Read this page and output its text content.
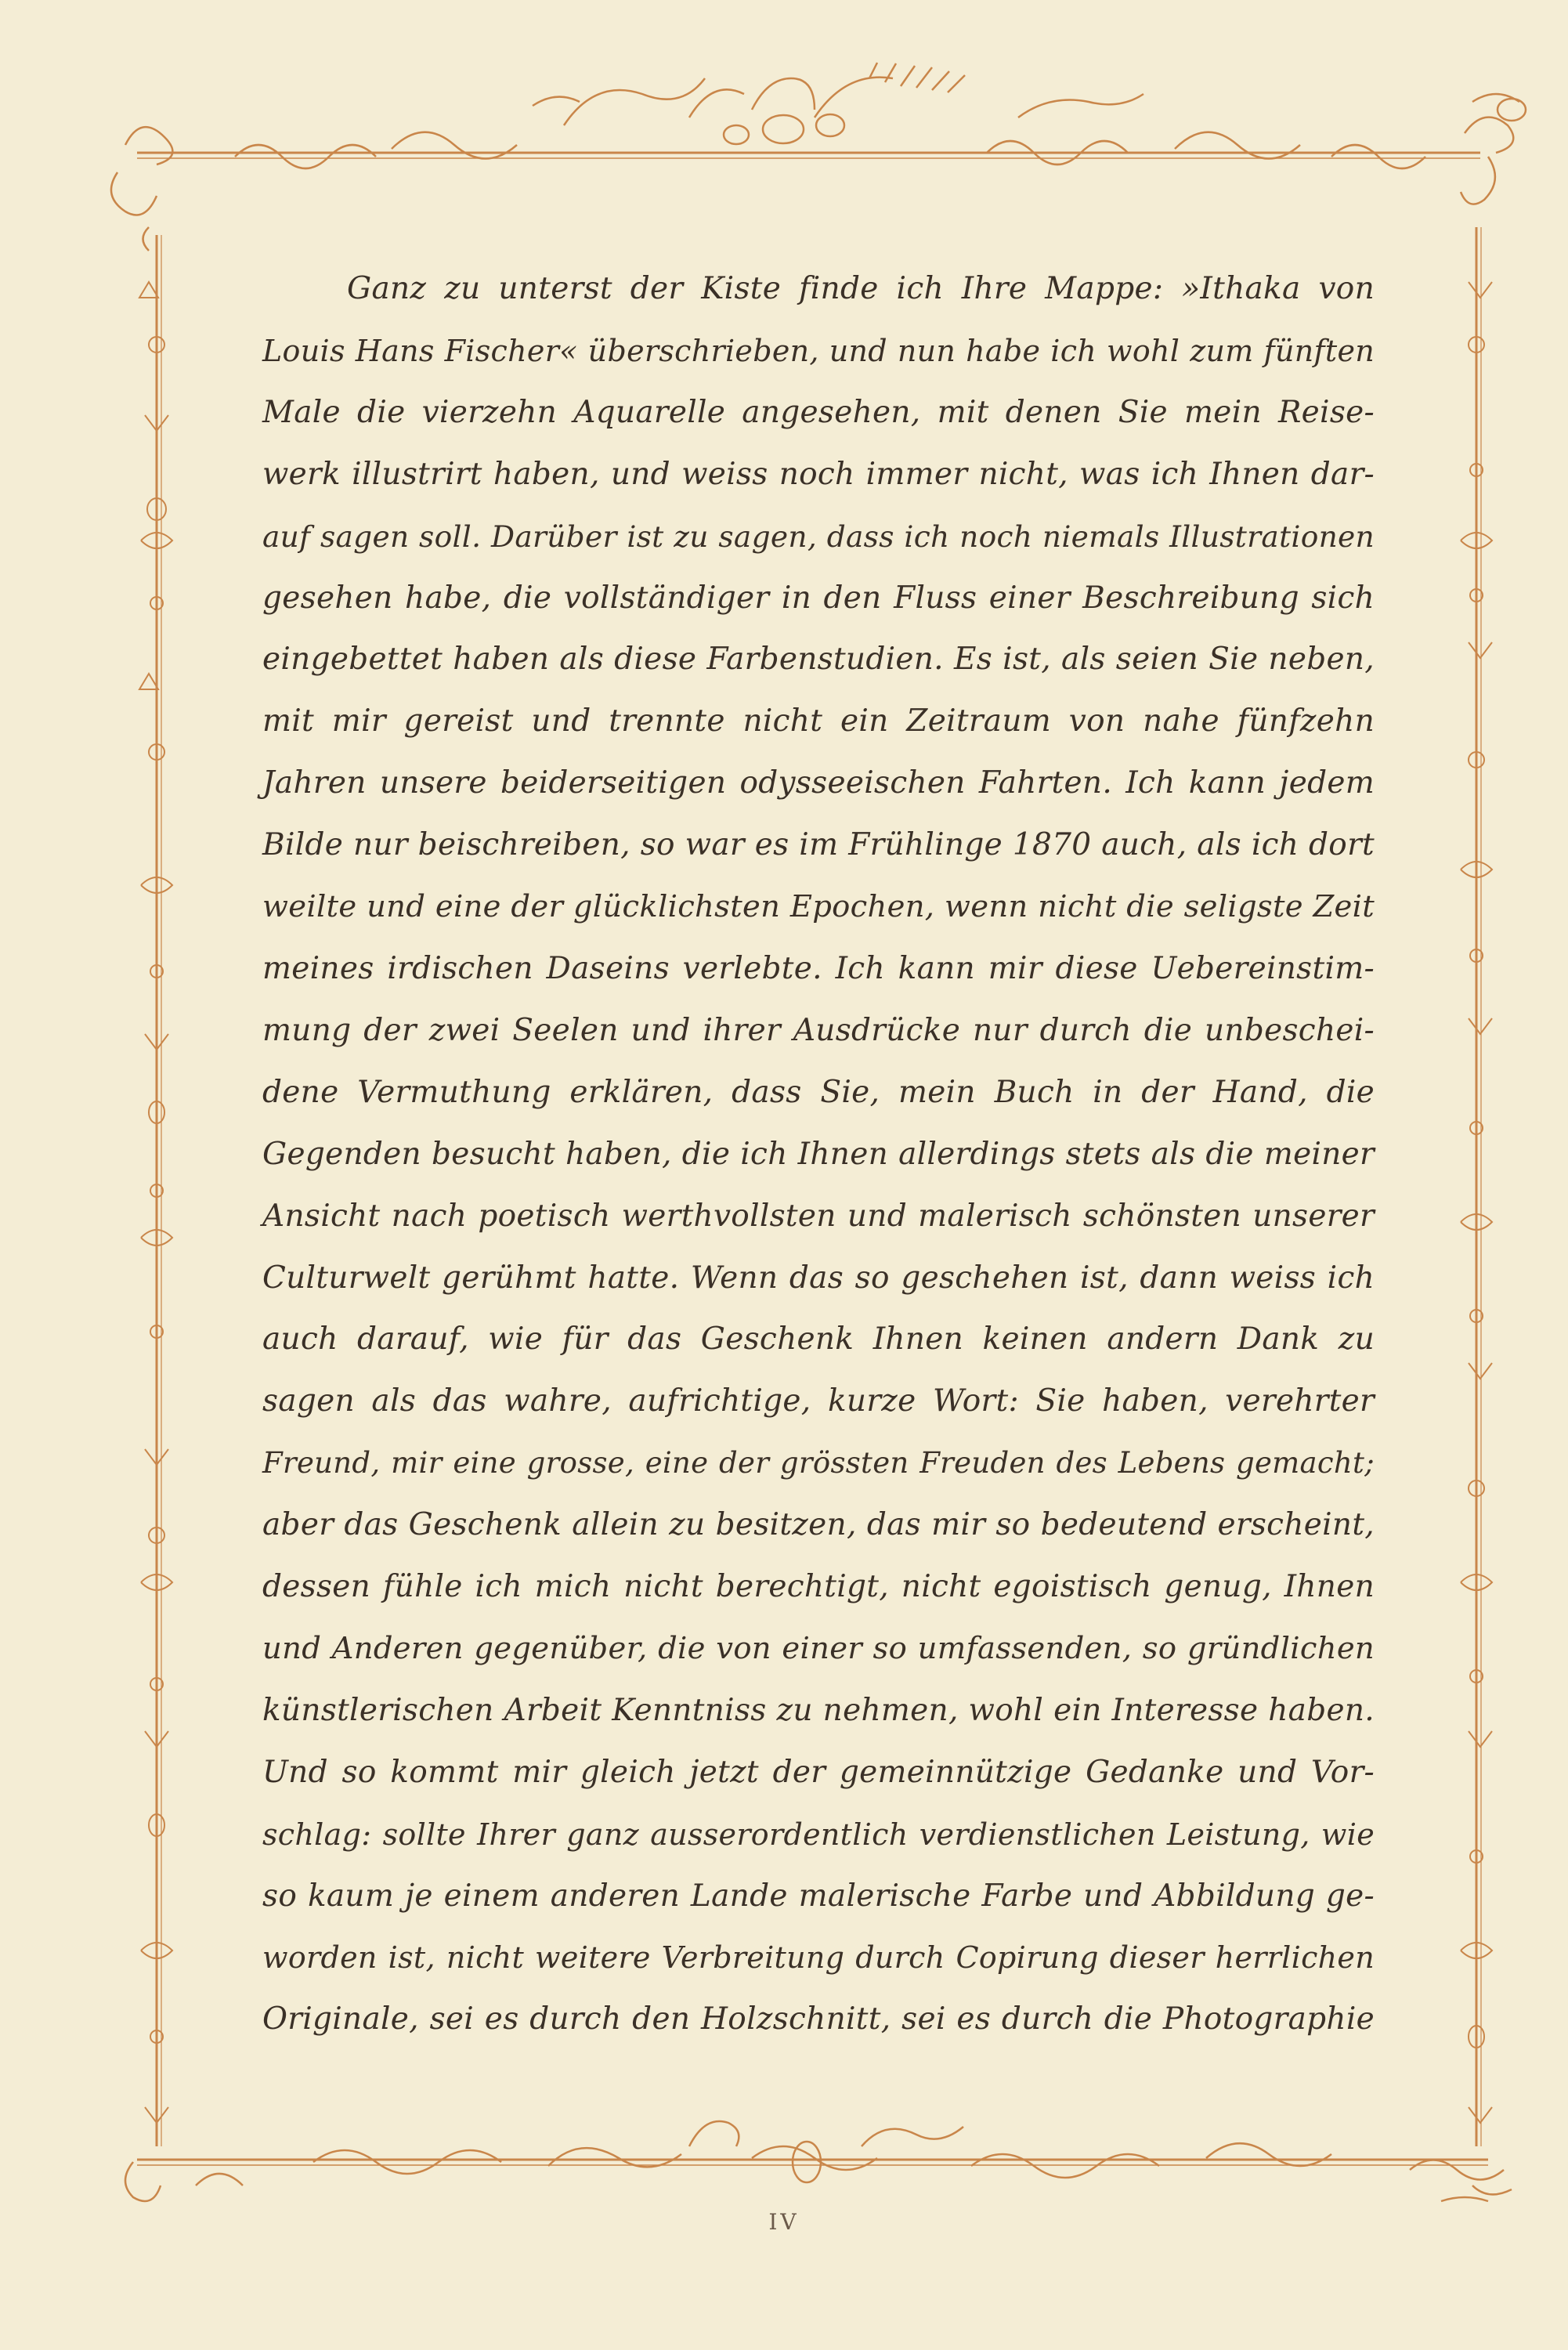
Ganz zu unterst der Kiste finde ich Ihre Mappe: »Ithaka von
Louis Hans Fischer« überschrieben, und nun habe ich wohl zum fünften
Male die vierzehn Aquarelle angesehen, mit denen Sie mein Reise-
werk illustrirt haben, und weiss noch immer nicht, was ich Ihnen dar-
auf sagen soll. Darüber ist zu sagen, dass ich noch niemals Illustrationen
gesehen habe, die vollständiger in den Fluss einer Beschreibung sich
eingebettet haben als diese Farbenstudien. Es ist, als seien Sie neben,
mit mir gereist und trennte nicht ein Zeitraum von nahe fünfzehn
Jahren unsere beiderseitigen odysseeischen Fahrten. Ich kann jedem
Bilde nur beischreiben, so war es im Frühlinge 1870 auch, als ich dort
weilte und eine der glücklichsten Epochen, wenn nicht die seligste Zeit
meines irdischen Daseins verlebte. Ich kann mir diese Uebereinstim-
mung der zwei Seelen und ihrer Ausdrücke nur durch die unbeschei-
dene Vermuthung erklären, dass Sie, mein Buch in der Hand, die
Gegenden besucht haben, die ich Ihnen allerdings stets als die meiner
Ansicht nach poetisch werthvollsten und malerisch schönsten unserer
Culturwelt gerühmt hatte. Wenn das so geschehen ist, dann weiss ich
auch darauf, wie für das Geschenk Ihnen keinen andern Dank zu
sagen als das wahre, aufrichtige, kurze Wort: Sie haben, verehrter
Freund, mir eine grosse, eine der grössten Freuden des Lebens gemacht;
aber das Geschenk allein zu besitzen, das mir so bedeutend erscheint,
dessen fühle ich mich nicht berechtigt, nicht egoistisch genug, Ihnen
und Anderen gegenüber, die von einer so umfassenden, so gründlichen
künstlerischen Arbeit Kenntniss zu nehmen, wohl ein Interesse haben.
Und so kommt mir gleich jetzt der gemeinnützige Gedanke und Vor-
schlag: sollte Ihrer ganz ausserordentlich verdienstlichen Leistung, wie
so kaum je einem anderen Lande malerische Farbe und Abbildung ge-
worden ist, nicht weitere Verbreitung durch Copirung dieser herrlichen
Originale, sei es durch den Holzschnitt, sei es durch die Photographie
IV
